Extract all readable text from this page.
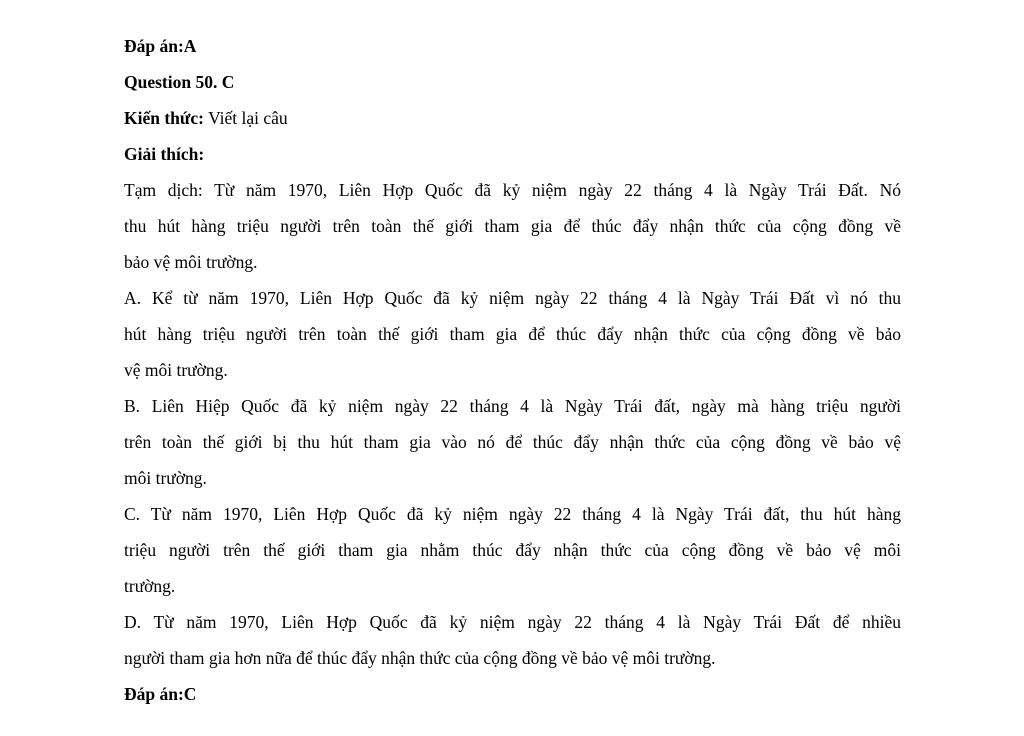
Đáp án:A
Question 50. C
Kiến thức: Viết lại câu
Giải thích:
Tạm dịch: Từ năm 1970, Liên Hợp Quốc đã kỷ niệm ngày 22 tháng 4 là Ngày Trái Đất. Nó
thu hút hàng triệu người trên toàn thế giới tham gia để thúc đẩy nhận thức của cộng đồng về
bảo vệ môi trường.
A. Kể từ năm 1970, Liên Hợp Quốc đã kỷ niệm ngày 22 tháng 4 là Ngày Trái Đất vì nó thu
hút hàng triệu người trên toàn thế giới tham gia để thúc đẩy nhận thức của cộng đồng về bảo
vệ môi trường.
B. Liên Hiệp Quốc đã kỷ niệm ngày 22 tháng 4 là Ngày Trái đất, ngày mà hàng triệu người
trên toàn thế giới bị thu hút tham gia vào nó để thúc đẩy nhận thức của cộng đồng về bảo vệ
môi trường.
C. Từ năm 1970, Liên Hợp Quốc đã kỷ niệm ngày 22 tháng 4 là Ngày Trái đất, thu hút hàng
triệu người trên thế giới tham gia nhằm thúc đẩy nhận thức của cộng đồng về bảo vệ môi
trường.
D. Từ năm 1970, Liên Hợp Quốc đã kỷ niệm ngày 22 tháng 4 là Ngày Trái Đất để nhiều
người tham gia hơn nữa để thúc đẩy nhận thức của cộng đồng về bảo vệ môi trường.
Đáp án:C
